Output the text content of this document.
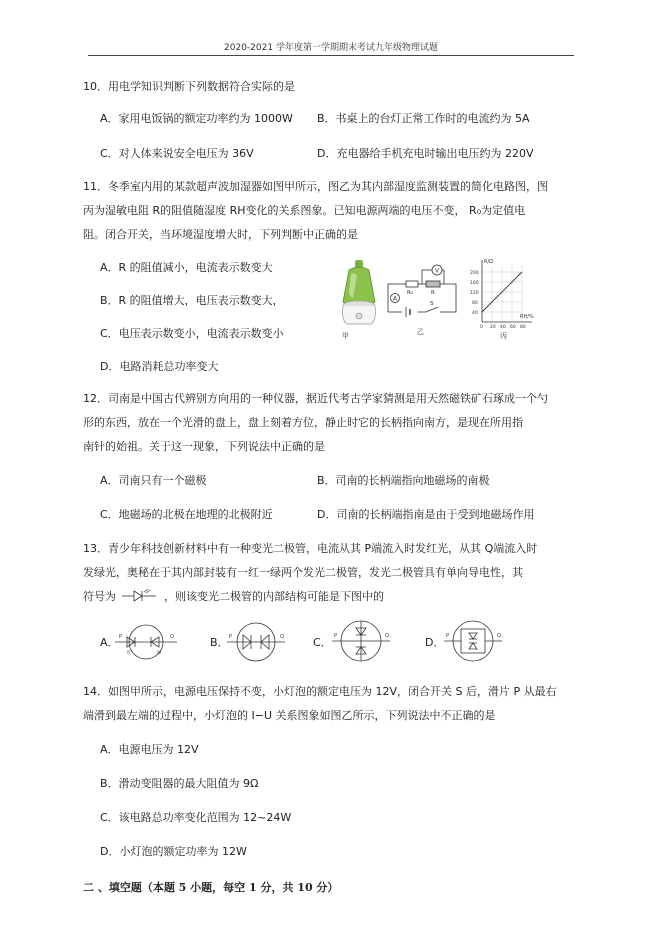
2020-2021 学年度第一学期期末考试九年级物理试题
10．用电学知识判断下列数据符合实际的是
A．家用电饭锅的额定功率约为 1000W B．书桌上的台灯正常工作时的电流约为 5A
C．对人体来说安全电压为 36V	D．充电器给手机充电时输出电压约为 220V
11．冬季室内用的某款超声波加湿器如图甲所示，图乙为其内部湿度监测装置的简化电路图，图
丙为湿敏电阻 R的阻值随湿度 RH变化的关系图象。已知电源两端的电压不变， R₀为定值电
阻。闭合开关，当环境湿度增大时，下列判断中正确的是
A．R 的阻值减小，电流表示数变大
B．R 的阻值增大，电压表示数变大，
C．电压表示数变小，电流表示数变小
D．电路消耗总功率变大
甲
V
A
R₀	R
S
乙
R/Ω
RH/%
200
160
120
80
40
0 20 40 60 80
丙
12．司南是中国古代辨别方向用的一种仪器，据近代考古学家猜测是用天然磁铁矿石琢成一个勺
形的东西，放在一个光滑的盘上，盘上刻着方位，静止时它的长柄指向南方，是现在所用指
南针的始祖。关于这一现象，下列说法中正确的是
A．司南只有一个磁极	B．司南的长柄端指向地磁场的南极
C．地磁场的北极在地理的北极附近	D．司南的长柄端指南是由于受到地磁场作用
13．青少年科技创新材料中有一种变光二极管，电流从其 P端流入时发红光，从其 Q端流入时
发绿光，奥秘在于其内部封装有一红一绿两个发光二极管，发光二极管具有单向导电性，其
符号为	，则该变光二极管的内部结构可能是下图中的
A． P	Q
红	绿
B． P	Q	C． P	Q	D． P	Q
14．如图甲所示，电源电压保持不变，小灯泡的额定电压为 12V，闭合开关 S 后，滑片 P 从最右
端滑到最左端的过程中，小灯泡的 I−U 关系图象如图乙所示，下列说法中不正确的是
A．电源电压为 12V
B．滑动变阻器的最大阻值为 9Ω
C．该电路总功率变化范围为 12~24W
D．小灯泡的额定功率为 12W
二 、填空题（本题 5 小题，每空 1 分，共 10 分）
